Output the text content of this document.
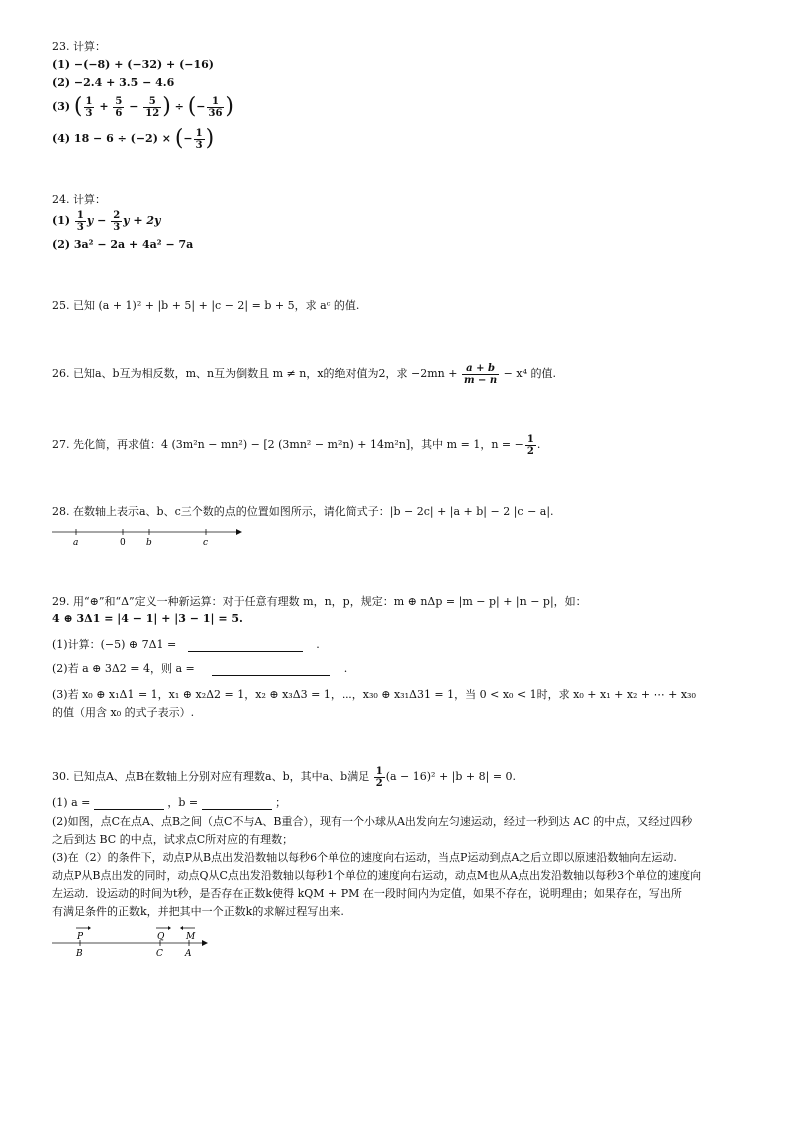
23. 计算：
(1) −(−8) + (−32) + (−16)
(2) −2.4 + 3.5 − 4.6
(3) ( $\frac{1}{3} + \frac{5}{6} - \frac{5}{12}$ ) ÷ (− $\frac{1}{36}$ )
(4) 18 − 6 ÷ (−2) × (− $\frac{1}{3}$ )
24. 计算：
$(1) \frac{1}{3}$ $y - \frac{2}{3}$ y + 2y
(2) 3a² − 2a + 4a² − 7a
25. 已知 (a + 1)² + |b + 5| + |c − 2| = b + 5，求 aᶜ 的值.
26. 已知a、b互为相反数，m、n互为倒数且 m ≠ n，x的绝对值为2，求 $-2mn + \frac{a + b}{m - n} - x^4$ 的值.
27. 先化简，再求值：4 (3m²n − mn²) − [2 (3mn² − m²n) + 14m²n]，其中 m = 1，n = − $\frac{1}{2}$ .
28. 在数轴上表示a、b、c三个数的点的位置如图所示，请化简式子：|b − 2c| + |a + b| − 2 |c − a|.
a	0 b	c
29. 用“⊕”和“Δ”定义一种新运算：对于任意有理数 m，n，p，规定：m ⊕ nΔp = |m − p| + |n − p|，如：
4 ⊕ 3Δ1 = |4 − 1| + |3 − 1| = 5.
(1)计算：(−5) ⊕ 7Δ1 =	.
(2)若 a ⊕ 3Δ2 = 4，则 a =	.
(3)若 x₀ ⊕ x₁Δ1 = 1，x₁ ⊕ x₂Δ2 = 1，x₂ ⊕ x₃Δ3 = 1，⋯，x₃₀ ⊕ x₃₁Δ31 = 1，当 0 < x₀ < 1时，求 x₀ + x₁ + x₂ + ⋯ + x₃₀
的值（用含 x₀ 的式子表示）.
30. 已知点A、点B在数轴上分别对应有理数a、b，其中a、b满足 $\frac{1}{2} (a - 16)^2 + |b + 8| = 0$.
(1) a =	，b =	；
(2)如图，点C在点A、点B之间（点C不与A、B重合），现有一个小球从A出发向左匀速运动，经过一秒到达 AC 的中点，又经过四秒
之后到达 BC 的中点，试求点C所对应的有理数；
(3)在（2）的条件下，动点P从B点出发沿数轴以每秒6个单位的速度向右运动，当点P运动到点A之后立即以原速沿数轴向左运动.
动点P从B点出发的同时，动点Q从C点出发沿数轴以每秒1个单位的速度向右运动，动点M也从A点出发沿数轴以每秒3个单位的速度向
左运动．设运动的时间为t秒，是否存在正数k使得 kQM + PM 在一段时间内为定值，如果不存在，说明理由；如果存在，写出所
有满足条件的正数k，并把其中一个正数k的求解过程写出来.
P	Q M
B	C A
